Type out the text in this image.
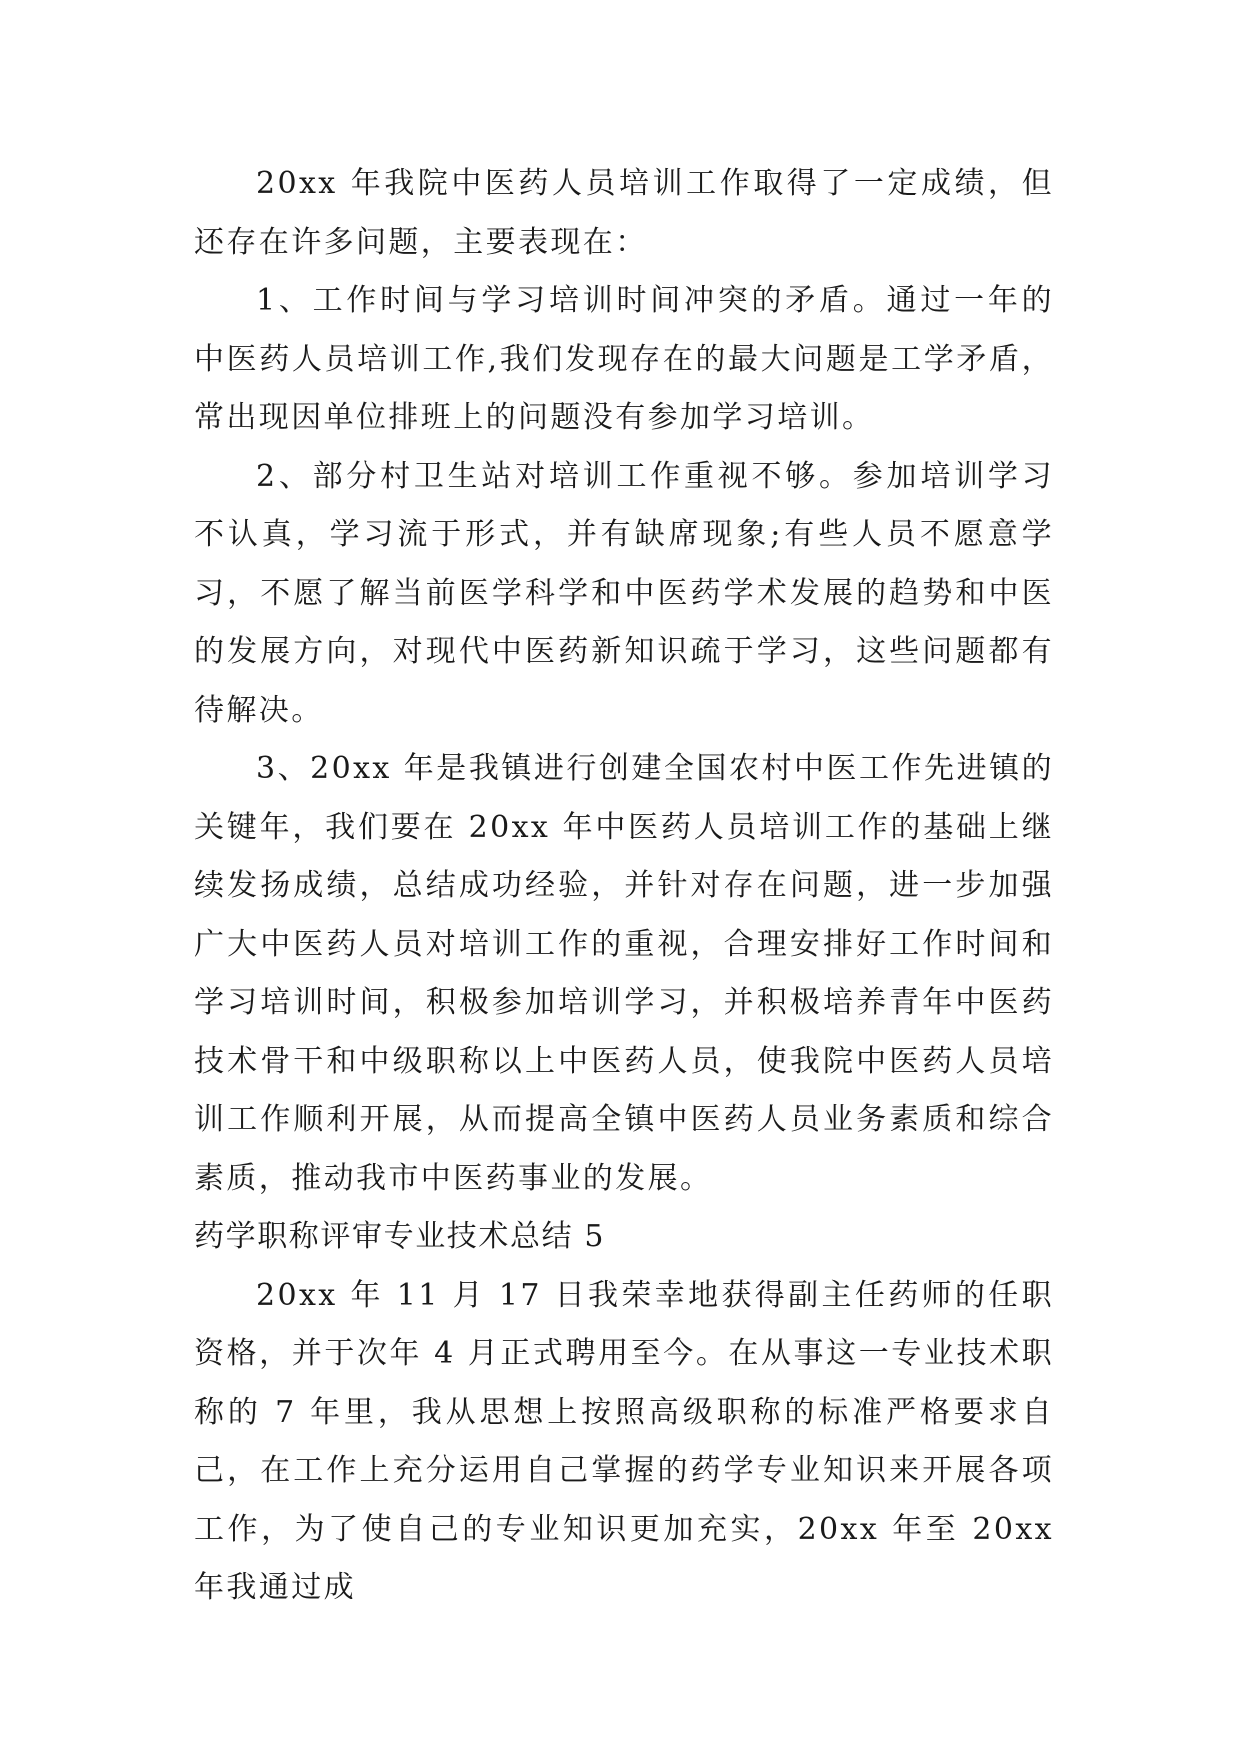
20xx 年我院中医药人员培训工作取得了一定成绩，但还存在许多问题，主要表现在：

1、工作时间与学习培训时间冲突的矛盾。通过一年的中医药人员培训工作,我们发现存在的最大问题是工学矛盾，常出现因单位排班上的问题没有参加学习培训。

2、部分村卫生站对培训工作重视不够。参加培训学习不认真，学习流于形式，并有缺席现象;有些人员不愿意学习，不愿了解当前医学科学和中医药学术发展的趋势和中医的发展方向，对现代中医药新知识疏于学习，这些问题都有待解决。

3、20xx 年是我镇进行创建全国农村中医工作先进镇的关键年，我们要在 20xx 年中医药人员培训工作的基础上继续发扬成绩，总结成功经验，并针对存在问题，进一步加强广大中医药人员对培训工作的重视，合理安排好工作时间和学习培训时间，积极参加培训学习，并积极培养青年中医药技术骨干和中级职称以上中医药人员，使我院中医药人员培训工作顺利开展，从而提高全镇中医药人员业务素质和综合素质，推动我市中医药事业的发展。

药学职称评审专业技术总结 5

20xx 年 11 月 17 日我荣幸地获得副主任药师的任职资格，并于次年 4 月正式聘用至今。在从事这一专业技术职称的 7 年里，我从思想上按照高级职称的标准严格要求自己，在工作上充分运用自己掌握的药学专业知识来开展各项工作，为了使自己的专业知识更加充实，20xx 年至 20xx 年我通过成
